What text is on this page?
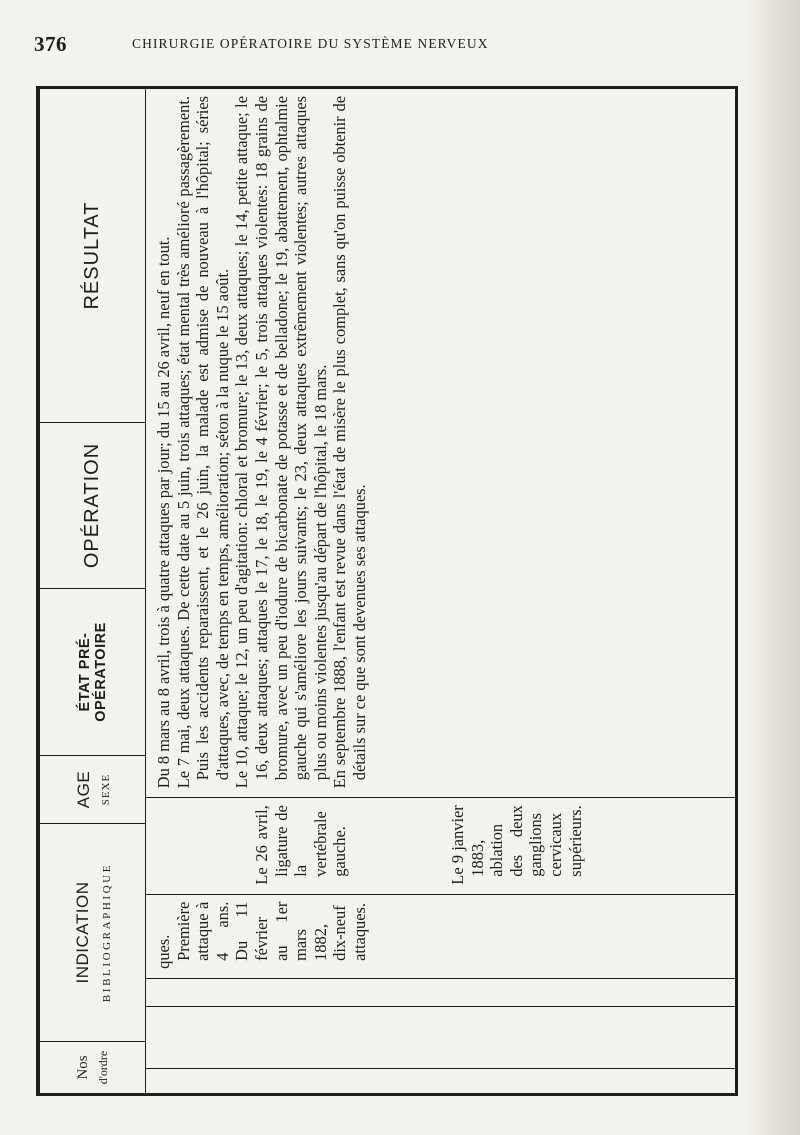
376	CHIRURGIE OPÉRATOIRE DU SYSTÈME NERVEUX
Nos d'ordre
INDICATION BIBLIOGRAPHIQUE
AGE SEXE
ÉTAT PRÉ-OPÉRATOIRE
OPÉRATION
RÉSULTAT

ques. Première attaque à 4 ans. Du 11 février au 1er mars 1882, dix-neuf attaques.

Le 26 avril, ligature de la vertébrale gauche.	Le 9 janvier 1883, ablation des deux ganglions cervicaux supérieurs.

Du 8 mars au 8 avril, trois à quatre attaques par jour; du 15 au 26 avril, neuf en tout. Le 7 mai, deux attaques. De cette date au 5 juin, trois attaques; état mental très amélioré passagèrement. Puis les accidents reparaissent, et le 26 juin, la malade est admise de nouveau à l'hôpital; séries d'attaques, avec, de temps en temps, amélioration; séton à la nuque le 15 août. Le 10, attaque; le 12, un peu d'agitation: chloral et bromure; le 13, deux attaques; le 14, petite attaque; le 16, deux attaques; attaques le 17, le 18, le 19, le 4 février; le 5, trois attaques violentes: 18 grains de bromure, avec un peu d'iodure de bicarbonate de potasse et de belladone; le 19, abattement, ophtalmie gauche qui s'améliore les jours suivants; le 23, deux attaques extrêmement violentes; autres attaques plus ou moins violentes jusqu'au départ de l'hôpital, le 18 mars. En septembre 1888, l'enfant est revue dans l'état de misère le plus complet, sans qu'on puisse obtenir de détails sur ce que sont devenues ses attaques.
